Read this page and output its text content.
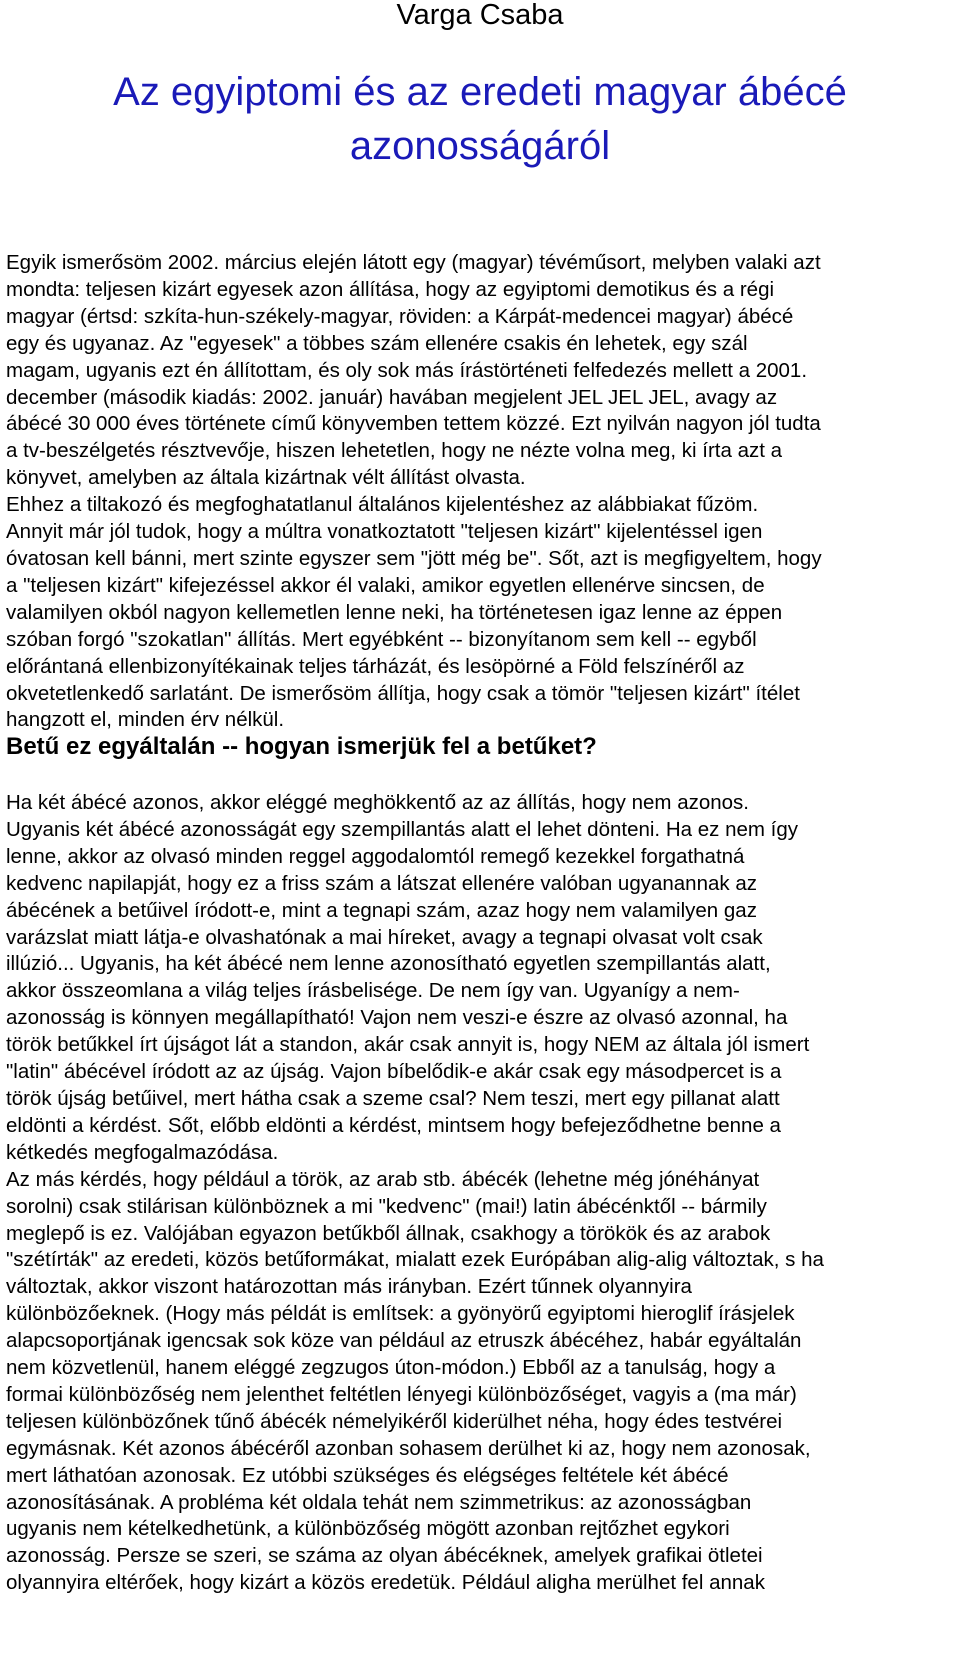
Varga Csaba
Az egyiptomi és az eredeti magyar ábécé azonosságáról

Egyik ismerősöm 2002. március elején látott egy (magyar) tévéműsort, melyben valaki azt
mondta: teljesen kizárt egyesek azon állítása, hogy az egyiptomi demotikus és a régi
magyar (értsd: szkíta-hun-székely-magyar, röviden: a Kárpát-medencei magyar) ábécé
egy és ugyanaz. Az "egyesek" a többes szám ellenére csakis én lehetek, egy szál
magam, ugyanis ezt én állítottam, és oly sok más írástörténeti felfedezés mellett a 2001.
december (második kiadás: 2002. január) havában megjelent JEL JEL JEL, avagy az
ábécé 30 000 éves története című könyvemben tettem közzé. Ezt nyilván nagyon jól tudta
a tv-beszélgetés résztvevője, hiszen lehetetlen, hogy ne nézte volna meg, ki írta azt a
könyvet, amelyben az általa kizártnak vélt állítást olvasta.
Ehhez a tiltakozó és megfoghatatlanul általános kijelentéshez az alábbiakat fűzöm.
Annyit már jól tudok, hogy a múltra vonatkoztatott "teljesen kizárt" kijelentéssel igen
óvatosan kell bánni, mert szinte egyszer sem "jött még be". Sőt, azt is megfigyeltem, hogy
a "teljesen kizárt" kifejezéssel akkor él valaki, amikor egyetlen ellenérve sincsen, de
valamilyen okból nagyon kellemetlen lenne neki, ha történetesen igaz lenne az éppen
szóban forgó "szokatlan" állítás. Mert egyébként -- bizonyítanom sem kell -- egyből
előrántaná ellenbizonyítékainak teljes tárházát, és lesöpörné a Föld felszínéről az
okvetetlenkedő sarlatánt. De ismerősöm állítja, hogy csak a tömör "teljesen kizárt" ítélet
hangzott el, minden érv nélkül.

Betű ez egyáltalán -- hogyan ismerjük fel a betűket?

Ha két ábécé azonos, akkor eléggé meghökkentő az az állítás, hogy nem azonos.
Ugyanis két ábécé azonosságát egy szempillantás alatt el lehet dönteni. Ha ez nem így
lenne, akkor az olvasó minden reggel aggodalomtól remegő kezekkel forgathatná
kedvenc napilapját, hogy ez a friss szám a látszat ellenére valóban ugyanannak az
ábécének a betűivel íródott-e, mint a tegnapi szám, azaz hogy nem valamilyen gaz
varázslat miatt látja-e olvashatónak a mai híreket, avagy a tegnapi olvasat volt csak
illúzió... Ugyanis, ha két ábécé nem lenne azonosítható egyetlen szempillantás alatt,
akkor összeomlana a világ teljes írásbelisége. De nem így van. Ugyanígy a nem-
azonosság is könnyen megállapítható! Vajon nem veszi-e észre az olvasó azonnal, ha
török betűkkel írt újságot lát a standon, akár csak annyit is, hogy NEM az általa jól ismert
"latin" ábécével íródott az az újság. Vajon bíbelődik-e akár csak egy másodpercet is a
török újság betűivel, mert hátha csak a szeme csal? Nem teszi, mert egy pillanat alatt
eldönti a kérdést. Sőt, előbb eldönti a kérdést, mintsem hogy befejeződhetne benne a
kétkedés megfogalmazódása.
Az más kérdés, hogy például a török, az arab stb. ábécék (lehetne még jónéhányat
sorolni) csak stilárisan különböznek a mi "kedvenc" (mai!) latin ábécénktől -- bármily
meglepő is ez. Valójában egyazon betűkből állnak, csakhogy a törökök és az arabok
"szétírták" az eredeti, közös betűformákat, mialatt ezek Európában alig-alig változtak, s ha
változtak, akkor viszont határozottan más irányban. Ezért tűnnek olyannyira
különbözőeknek. (Hogy más példát is említsek: a gyönyörű egyiptomi hieroglif írásjelek
alapcsoportjának igencsak sok köze van például az etruszk ábécéhez, habár egyáltalán
nem közvetlenül, hanem eléggé zegzugos úton-módon.) Ebből az a tanulság, hogy a
formai különbözőség nem jelenthet feltétlen lényegi különbözőséget, vagyis a (ma már)
teljesen különbözőnek tűnő ábécék némelyikéről kiderülhet néha, hogy édes testvérei
egymásnak. Két azonos ábécéről azonban sohasem derülhet ki az, hogy nem azonosak,
mert láthatóan azonosak. Ez utóbbi szükséges és elégséges feltétele két ábécé
azonosításának. A probléma két oldala tehát nem szimmetrikus: az azonosságban
ugyanis nem kételkedhetünk, a különbözőség mögött azonban rejtőzhet egykori
azonosság. Persze se szeri, se száma az olyan ábécéknek, amelyek grafikai ötletei
olyannyira eltérőek, hogy kizárt a közös eredetük. Például aligha merülhet fel annak
